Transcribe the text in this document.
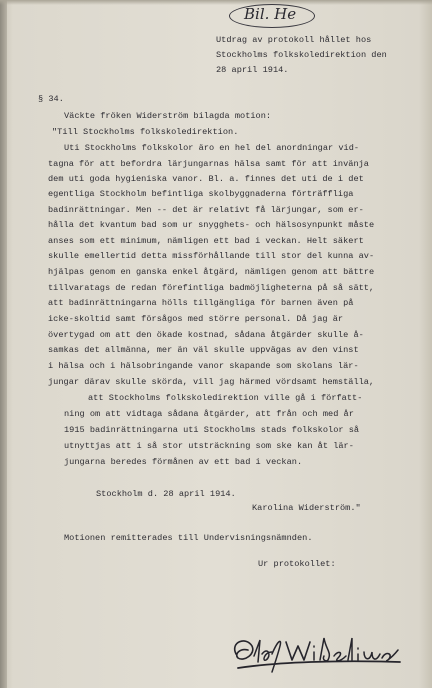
Bil. He
Utdrag av protokoll hållet hos
Stockholms folkskoledirektion den
28 april 1914.
§ 34.
Väckte fröken Widerström bilagda motion:
"Till Stockholms folkskoledirektion.
Uti Stockholms folkskolor äro en hel del anordningar vid-
tagna för att befordra lärjungarnas hälsa samt för att invänja
dem uti goda hygieniska vanor. Bl. a. finnes det uti de i det
egentliga Stockholm befintliga skolbyggnaderna förträffliga
badinrättningar. Men -- det är relativt få lärjungar, som er-
hålla det kvantum bad som ur snygghets- och hälsosynpunkt måste
anses som ett minimum, nämligen ett bad i veckan. Helt säkert
skulle emellertid detta missförhållande till stor del kunna av-
hjälpas genom en ganska enkel åtgärd, nämligen genom att bättre
tillvaratags de redan förefintliga badmöjligheterna på så sätt,
att badinrättningarna hölls tillgängliga för barnen även på
icke-skoltid samt försågos med större personal. Då jag är
övertygad om att den ökade kostnad, sådana åtgärder skulle å-
samkas det allmänna, mer än väl skulle uppvägas av den vinst
i hälsa och i hälsobringande vanor skapande som skolans lär-
jungar därav skulle skörda, vill jag härmed vördsamt hemställa,
att Stockholms folkskoledirektion ville gå i författ-
ning om att vidtaga sådana åtgärder, att från och med år
1915 badinrättningarna uti Stockholms stads folkskolor så
utnyttjas att i så stor utsträckning som ske kan åt lär-
jungarna beredes förmånen av ett bad i veckan.
Stockholm d. 28 april 1914.
Karolina Widerström."
Motionen remitterades till Undervisningsnämnden.
Ur protokollet:
